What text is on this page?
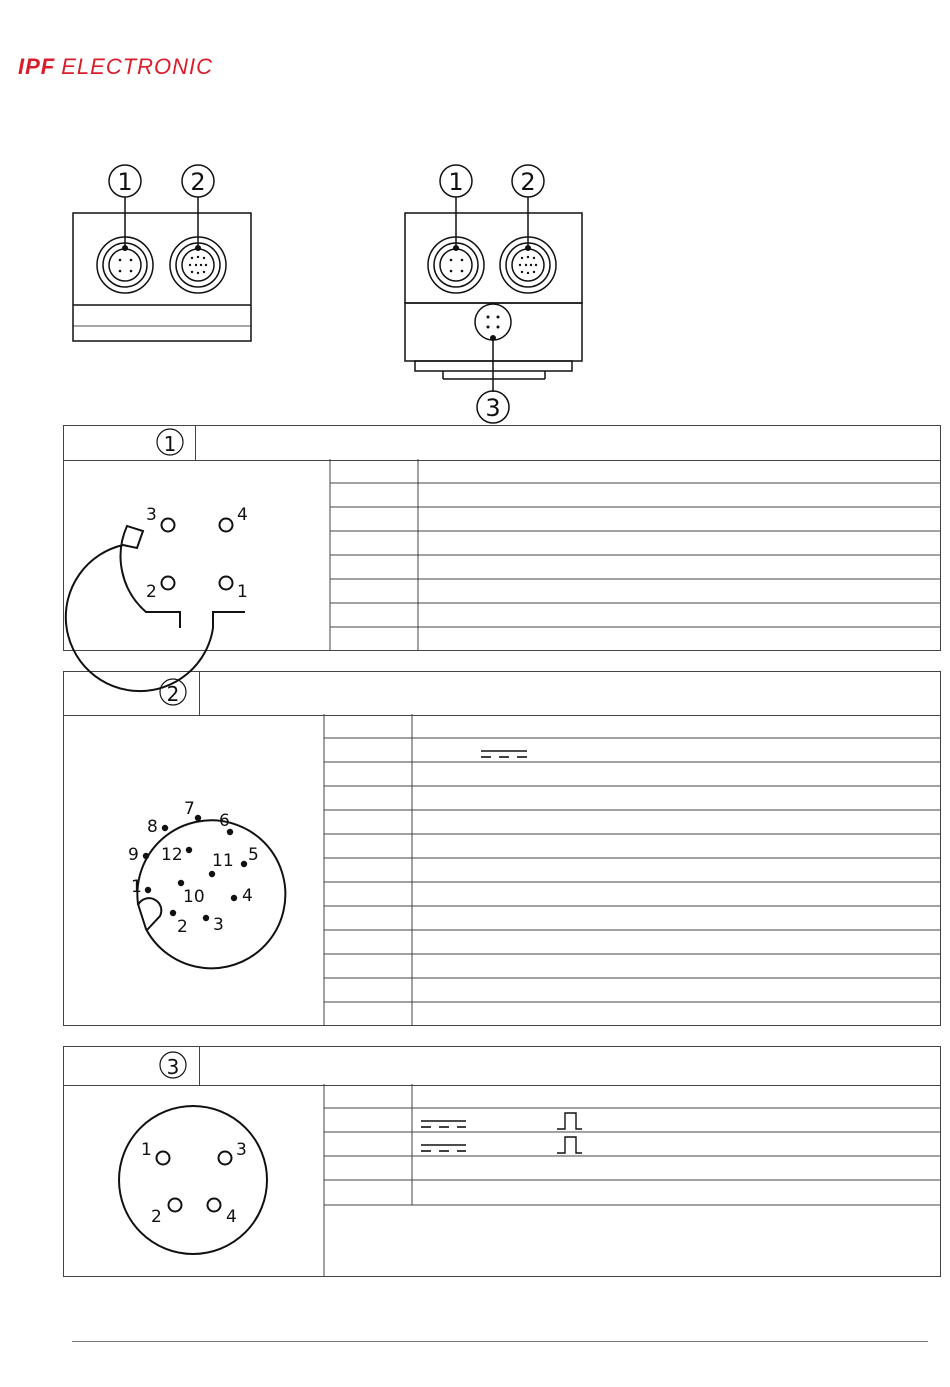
IPF ELECTRONIC
1 2	1 2
3
1
2
3
3	4
2	1
8
7
6
9 12 11 5
1 10 4
2 3
1	3
2	4
